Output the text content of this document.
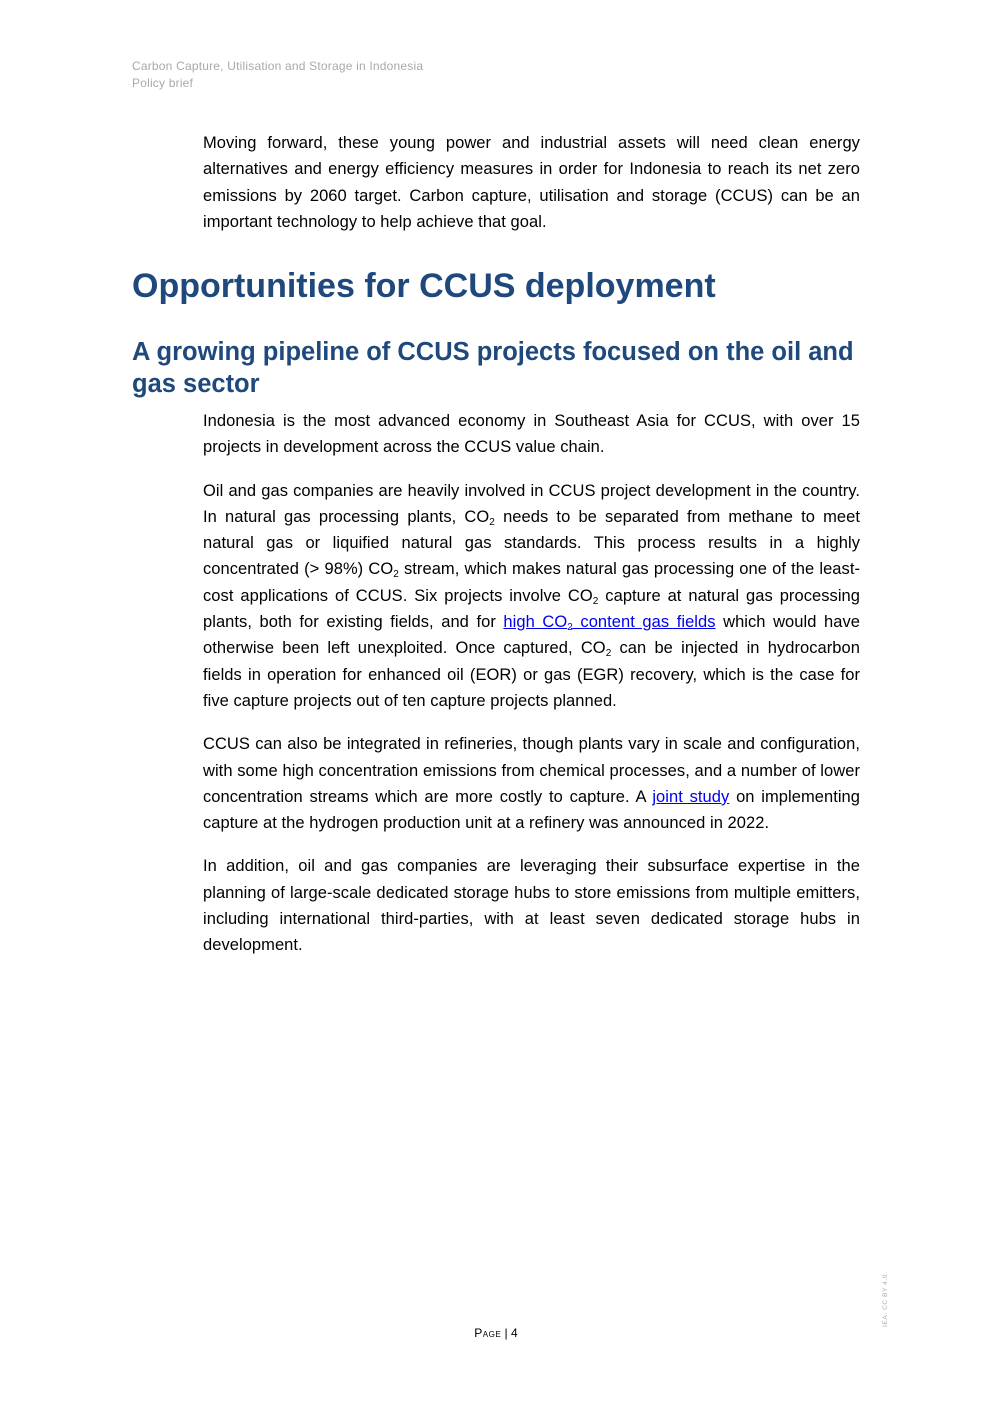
Carbon Capture, Utilisation and Storage in Indonesia
Policy brief

Moving forward, these young power and industrial assets will need clean energy alternatives and energy efficiency measures in order for Indonesia to reach its net zero emissions by 2060 target. Carbon capture, utilisation and storage (CCUS) can be an important technology to help achieve that goal.

Opportunities for CCUS deployment
A growing pipeline of CCUS projects focused on the oil and gas sector

Indonesia is the most advanced economy in Southeast Asia for CCUS, with over 15 projects in development across the CCUS value chain.

Oil and gas companies are heavily involved in CCUS project development in the country. In natural gas processing plants, $CO_2$ needs to be separated from methane to meet natural gas or liquified natural gas standards. This process results in a highly concentrated (> 98%) $CO_2$ stream, which makes natural gas processing one of the least-cost applications of CCUS. Six projects involve $CO_2$ capture at natural gas processing plants, both for existing fields, and for high $CO_2$ content gas fields which would have otherwise been left unexploited. Once captured, $CO_2$ can be injected in hydrocarbon fields in operation for enhanced oil (EOR) or gas (EGR) recovery, which is the case for five capture projects out of ten capture projects planned.

CCUS can also be integrated in refineries, though plants vary in scale and configuration, with some high concentration emissions from chemical processes, and a number of lower concentration streams which are more costly to capture. A joint study on implementing capture at the hydrogen production unit at a refinery was announced in 2022.

In addition, oil and gas companies are leveraging their subsurface expertise in the planning of large-scale dedicated storage hubs to store emissions from multiple emitters, including international third-parties, with at least seven dedicated storage hubs in development.

Page | 4
IEA. CC BY 4.0.
